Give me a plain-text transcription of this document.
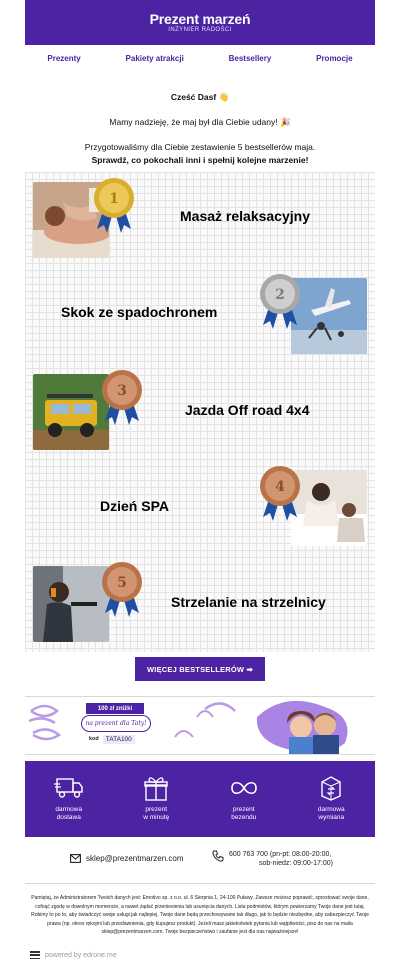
Prezent marzeń
INŻYNIER RADOŚCI
Prezenty	Pakiety atrakcji	Bestsellery	Promocje
Cześć Dasf 👋
Mamy nadzieję, że maj był dla Ciebie udany! 🎉
Przygotowaliśmy dla Ciebie zestawienie 5 bestsellerów maja.
Sprawdź, co pokochali inni i spełnij kolejne marzenie!
1
Masaż relaksacyjny
2
Skok ze spadochronem
3
Jazda Off road 4x4
4
Dzień SPA
5
Strzelanie na strzelnicy
WIĘCEJ BESTSELLERÓW ➡
100 zł zniżki
na prezent dla Taty!
kod	TATA100
darmowa
dostawa
prezent
w minutę
prezent
bezendu
darmowa
wymiana
sklep@prezentmarzen.com	600 763 700 (pn-pt: 08:00-20:00,
sob-niedz: 09:00-17:00)
Pamiętaj, że Administratorem Twoich danych jest: Emotivo sp. z o.o. ul. 6 Sierpnia 1, 24-100 Puławy. Zawsze możesz poprawić, sprostować swoje dane, cofnąć zgodę w dowolnym momencie, a nawet żądać przeniesienia lub usunięcia danych. Lista podmiotów, którym powierzamy Twoje dane jest tutaj. Robimy to po to, aby świadczyć swoje usługi jak najlepiej. Twoje dane będą przechowywane tak długo, jak to będzie niezbędne, aby zabezpieczyć Twoje prawa (np. okres rękojmi lub przedawnienia, gdy kupujesz produkt). Jeżeli masz jakiekolwiek pytania lub wątpliwości, pisz do nas na maila sklep@prezentmarzen.com. Twoje bezpieczeństwo i zaufanie jest dla nas najważniejsze!
powered by edrone.me
